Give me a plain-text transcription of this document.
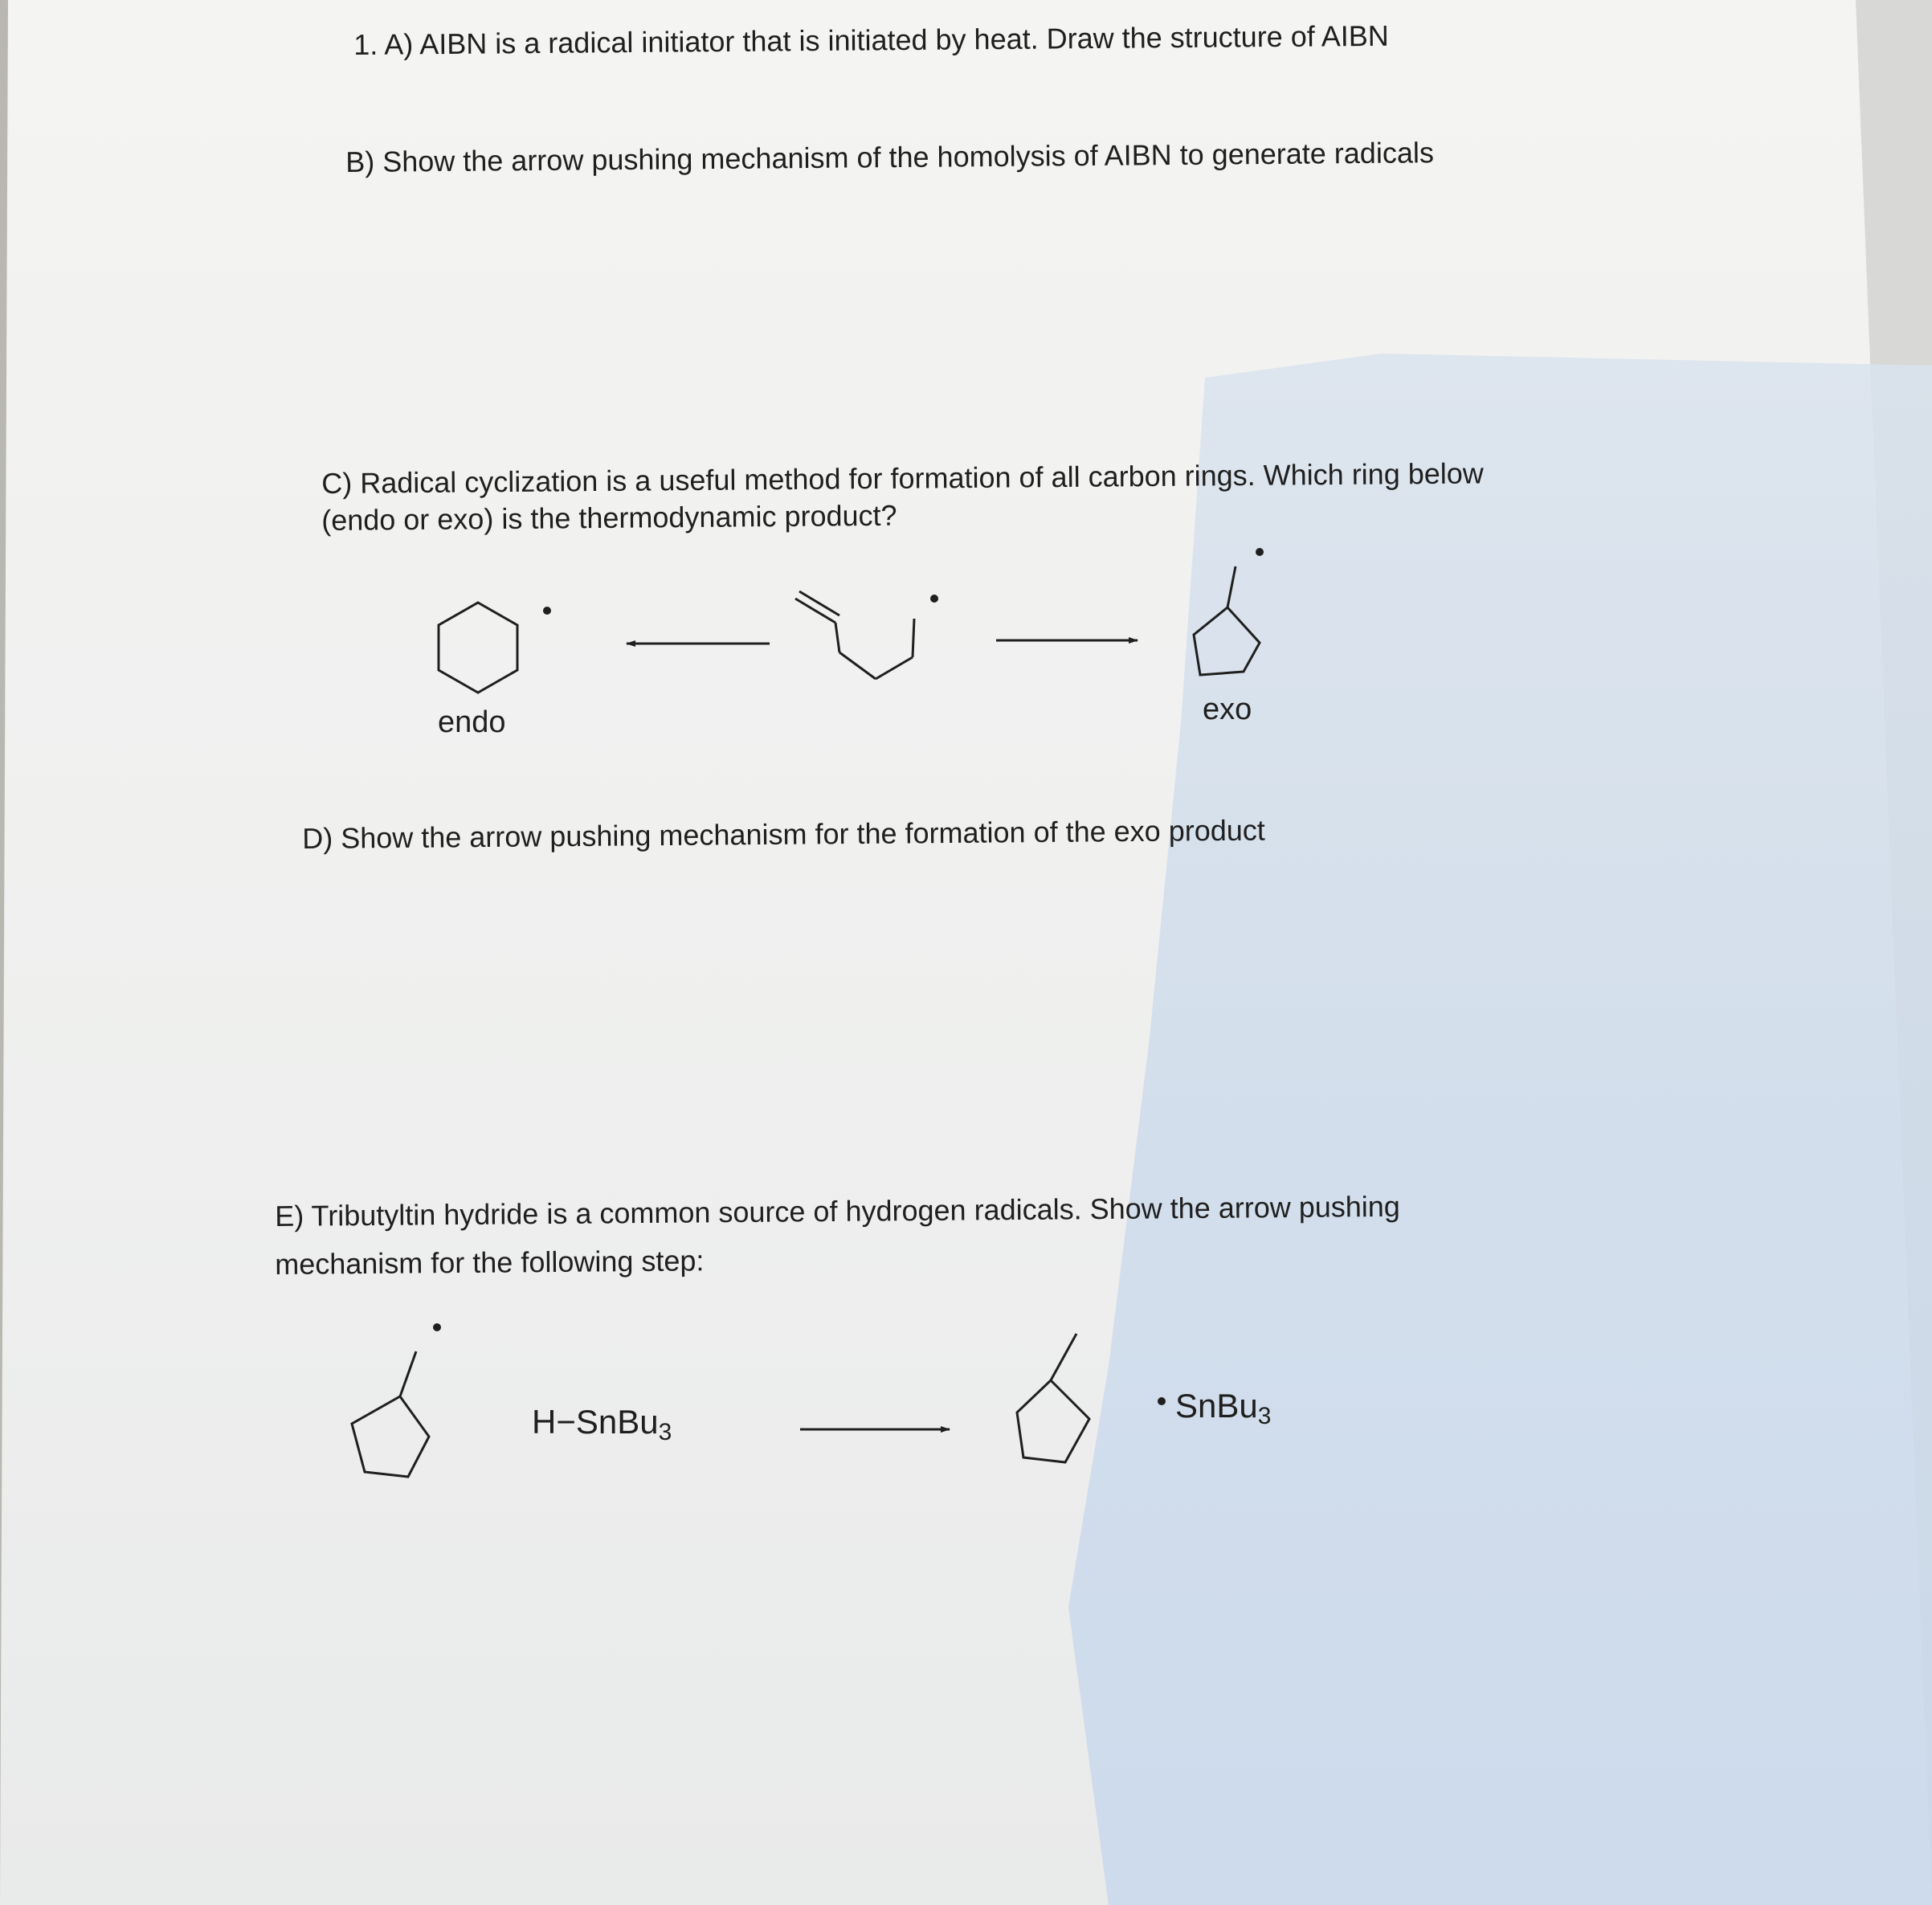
1. A) AIBN is a radical initiator that is initiated by heat. Draw the structure of AIBN

B) Show the arrow pushing mechanism of the homolysis of AIBN to generate radicals

C) Radical cyclization is a useful method for formation of all carbon rings. Which ring below

(endo or exo) is the thermodynamic product?

D) Show the arrow pushing mechanism for the formation of the exo product

E) Tributyltin hydride is a common source of hydrogen radicals. Show the arrow pushing

mechanism for the following step:

endo	exo
H−SnBu$_3$
SnBu$_3$
